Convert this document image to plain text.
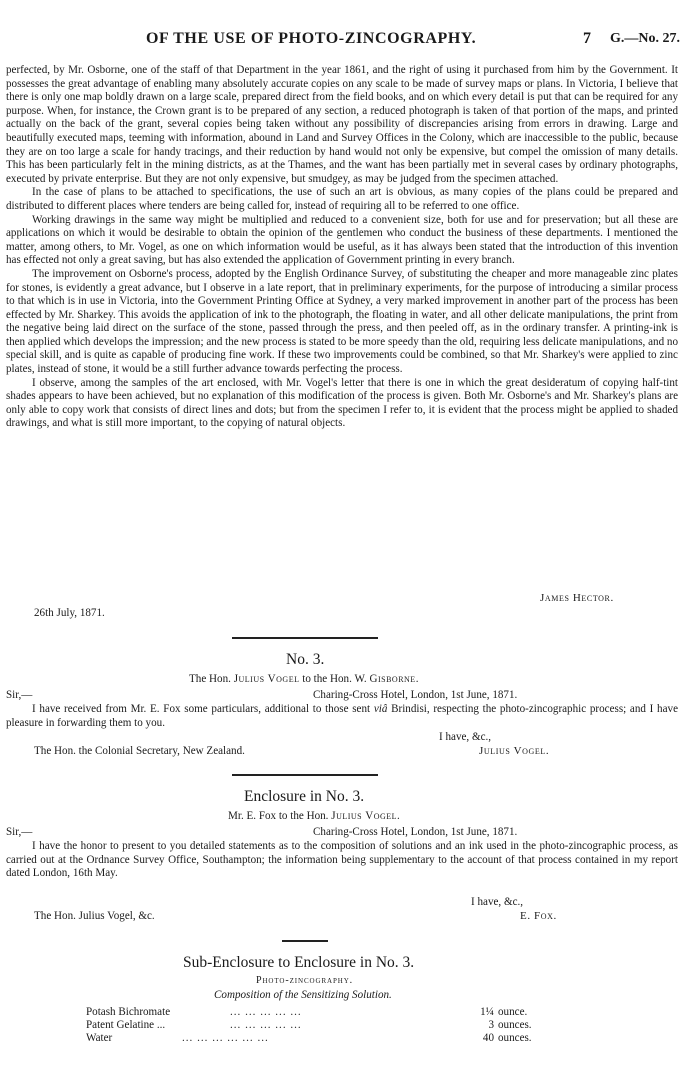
OF THE USE OF PHOTO-ZINCOGRAPHY.	7 G.—No. 27.

perfected, by Mr. Osborne, one of the staff of that Department in the year 1861, and the right of using it purchased from him by the Government. It possesses the great advantage of enabling many absolutely accurate copies on any scale to be made of survey maps or plans. In Victoria, I believe that there is only one map boldly drawn on a large scale, prepared direct from the field books, and on which every detail is put that can be required for any purpose. When, for instance, the Crown grant is to be prepared of any section, a reduced photograph is taken of that portion of the maps, and printed actually on the back of the grant, several copies being taken without any possibility of discrepancies arising from errors in drawing. Large and beautifully executed maps, teeming with information, abound in Land and Survey Offices in the Colony, which are inaccessible to the public, because they are on too large a scale for handy tracings, and their reduction by hand would not only be expensive, but compel the omission of many details. This has been particularly felt in the mining districts, as at the Thames, and the want has been partially met in several cases by ordinary photographs, executed by private enterprise. But they are not only expensive, but smudgey, as may be judged from the specimen attached.

In the case of plans to be attached to specifications, the use of such an art is obvious, as many copies of the plans could be prepared and distributed to different places where tenders are being called for, instead of requiring all to be referred to one office.

Working drawings in the same way might be multiplied and reduced to a convenient size, both for use and for preservation; but all these are applications on which it would be desirable to obtain the opinion of the gentlemen who conduct the business of these departments. I mentioned the matter, among others, to Mr. Vogel, as one on which information would be useful, as it has always been stated that the introduction of this invention has effected not only a great saving, but has also extended the application of Government printing in every branch.

The improvement on Osborne's process, adopted by the English Ordinance Survey, of substituting the cheaper and more manageable zinc plates for stones, is evidently a great advance, but I observe in a late report, that in preliminary experiments, for the purpose of introducing a similar process to that which is in use in Victoria, into the Government Printing Office at Sydney, a very marked improvement in another part of the process has been effected by Mr. Sharkey. This avoids the application of ink to the photograph, the floating in water, and all other delicate manipulations, the print from the negative being laid direct on the surface of the stone, passed through the press, and then peeled off, as in the ordinary transfer. A printing-ink is then applied which develops the impression; and the new process is stated to be more speedy than the old, requiring less delicate manipulations, and no special skill, and is quite as capable of producing fine work. If these two improvements could be combined, so that Mr. Sharkey's were applied to zinc plates, instead of stone, it would be a still further advance towards perfecting the process.

I observe, among the samples of the art enclosed, with Mr. Vogel's letter that there is one in which the great desideratum of copying half-tint shades appears to have been achieved, but no explanation of this modification of the process is given. Both Mr. Osborne's and Mr. Sharkey's plans are only able to copy work that consists of direct lines and dots; but from the specimen I refer to, it is evident that the process might be applied to shaded drawings, and what is still more important, to the copying of natural objects.

James Hector.
26th July, 1871.
No. 3.
The Hon. Julius Vogel to the Hon. W. Gisborne.
Sir,—	Charing-Cross Hotel, London, 1st June, 1871.
I have received from Mr. E. Fox some particulars, additional to those sent viâ Brindisi, respecting the photo-zincographic process; and I have pleasure in forwarding them to you.
I have, &c.,
The Hon. the Colonial Secretary, New Zealand.	Julius Vogel.
Enclosure in No. 3.
Mr. E. Fox to the Hon. Julius Vogel.
Sir,—	Charing-Cross Hotel, London, 1st June, 1871.
I have the honor to present to you detailed statements as to the composition of solutions and an ink used in the photo-zincographic process, as carried out at the Ordnance Survey Office, Southampton; the information being supplementary to the account of that process contained in my report dated London, 16th May.
I have, &c.,
The Hon. Julius Vogel, &c.	E. Fox.
Sub-Enclosure to Enclosure in No. 3.
Photo-zincography.
Composition of the Sensitizing Solution.
Potash Bichromate	... ... ... ... ...	1¼ ounce.
Patent Gelatine ...	... ... ... ... ...	3 ounces.
Water	... ... ... ... ... ...	40 ounces.
